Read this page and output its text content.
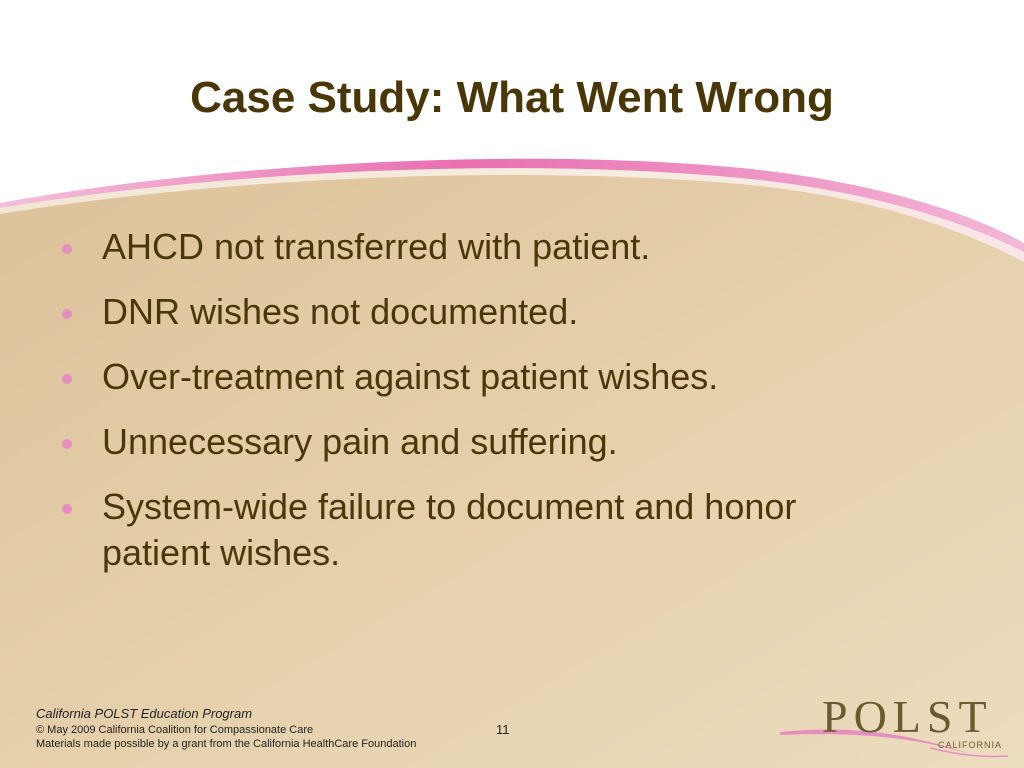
Case Study: What Went Wrong
AHCD not transferred with patient.
DNR wishes not documented.
Over-treatment against patient wishes.
Unnecessary pain and suffering.
System-wide failure to document and honor patient wishes.

California POLST Education Program

© May 2009 California Coalition for Compassionate Care

Materials made possible by a grant from the California HealthCare Foundation

11	POLST
CALIFORNIA
